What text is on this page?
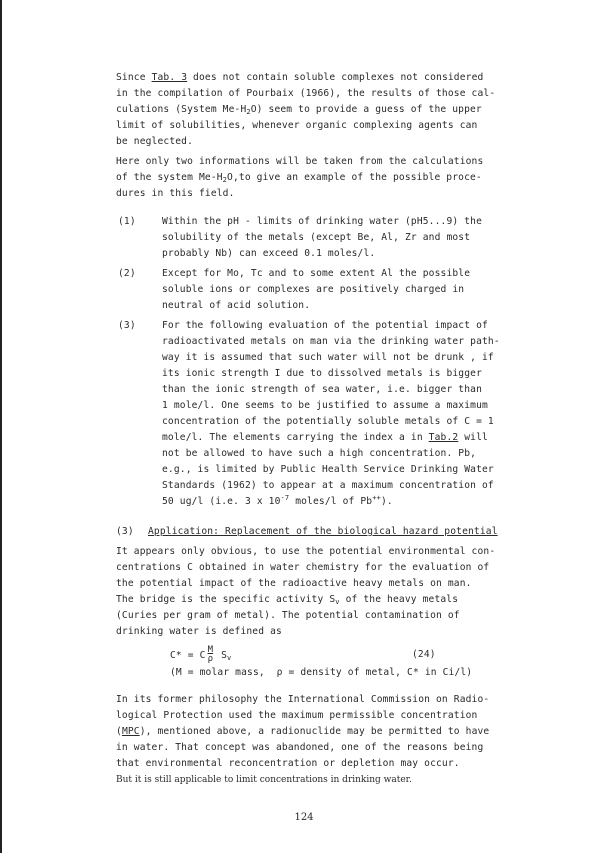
Since Tab. 3 does not contain soluble complexes not considered
in the compilation of Pourbaix (1966), the results of those cal-
culations (System $Me-H_2O$) seem to provide a guess of the upper
limit of solubilities, whenever organic complexing agents can
be neglected.
Here only two informations will be taken from the calculations
of the system $Me-H_2O,to$ give an example of the possible proce-
dures in this field.
(1)	Within the pH - limits of drinking water (pH5...9) the
solubility of the metals (except Be, Al, Zr and most
probably Nb) can exceed 0.1 moles/l.
(2)	Except for Mo, Tc and to some extent Al the possible
soluble ions or complexes are positively charged in
neutral of acid solution.
(3)	For the following evaluation of the potential impact of
radioactivated metals on man via the drinking water path-
way it is assumed that such water will not be drunk , if
its ionic strength I due to dissolved metals is bigger
than the ionic strength of sea water, i.e. bigger than
1 mole/l. One seems to be justified to assume a maximum
concentration of the potentially soluble metals of C = 1
mole/l. The elements carrying the index a in Tab.2 will
not be allowed to have such a high concentration. Pb,
e.g., is limited by Public Health Service Drinking Water
Standards (1962) to appear at a maximum concentration of
50 ug/l (i.e. 3 x $10^{-7}$ moles/l of Pb++).
(3) Application: Replacement of the biological hazard potential
It appears only obvious, to use the potential environmental con-
centrations C obtained in water chemistry for the evaluation of
the potential impact of the radioactive heavy metals on man.
The bridge is the specific activity $S_v$ of the heavy metals
(Curies per gram of metal). The potential contamination of
drinking water is defined as
C* = C $\frac{M}{\rho} S_v$	(24)
(M = molar mass,  ρ = density of metal, C* in Ci/l)
In its former philosophy the International Commission on Radio-
logical Protection used the maximum permissible concentration
(MPC), mentioned above, a radionuclide may be permitted to have
in water. That concept was abandoned, one of the reasons being
that environmental reconcentration or depletion may occur.
But it is still applicable to limit concentrations in drinking water.
124
